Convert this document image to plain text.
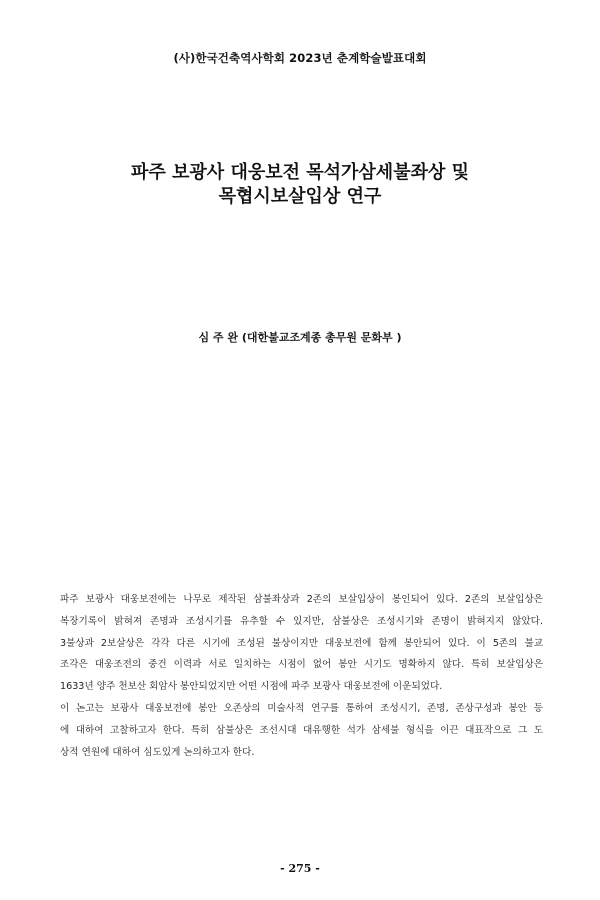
(사)한국건축역사학회 2023년 춘계학술발표대회
파주 보광사 대웅보전 목석가삼세불좌상 및
목협시보살입상 연구
심 주 완 (대한불교조계종 총무원 문화부 )
파주 보광사 대웅보전에는 나무로 제작된 삼불좌상과 2존의 보살입상이 봉인되어 있다. 2존의 보살입상은
복장기록이 밝혀져 존명과 조성시기를 유추할 수 있지만, 삼불상은 조성시기와 존명이 밝혀지지 않았다.
3불상과 2보살상은 각각 다른 시기에 조성된 불상이지만 대웅보전에 함께 봉안되어 있다. 이 5존의 불교
조각은 대웅조전의 중건 이력과 서로 일치하는 시점이 없어 봉안 시기도 명확하지 않다. 특히 보살입상은
1633년 양주 천보산 회암사 봉안되었지만 어떤 시점에 파주 보광사 대웅보전에 이운되었다.
이 논고는 보광사 대웅보전에 봉안 오존상의 미술사적 연구를 통하여 조성시기, 존명, 존상구성과 봉안 등
에 대하여 고찰하고자 한다. 특히 삼불상은 조선시대 대유행한 석가 삼세불 형식을 이끈 대표작으로 그 도
상적 연원에 대하여 심도있게 논의하고자 한다.
- 275 -
